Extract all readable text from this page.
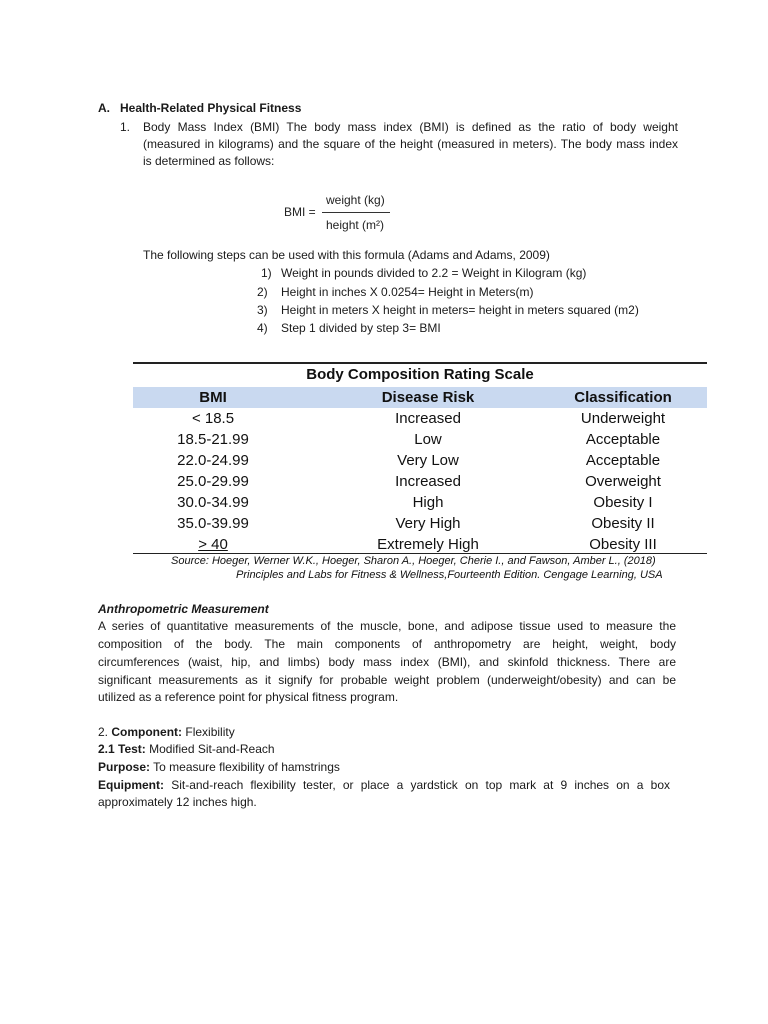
A. Health-Related Physical Fitness
1. Body Mass Index (BMI) The body mass index (BMI) is defined as the ratio of body weight
(measured in kilograms) and the square of the height (measured in meters). The body mass index
is determined as follows:
BMI =
weight (kg)
height (m²)
The following steps can be used with this formula (Adams and Adams, 2009)
1) Weight in pounds divided to 2.2 = Weight in Kilogram (kg)
2) Height in inches X 0.0254= Height in Meters(m)
3) Height in meters X height in meters= height in meters squared (m2)
4) Step 1 divided by step 3= BMI
Body Composition Rating Scale
BMI	Disease Risk	Classification
< 18.5	Increased	Underweight
18.5-21.99	Low	Acceptable
22.0-24.99	Very Low	Acceptable
25.0-29.99	Increased	Overweight
30.0-34.99	High	Obesity I
35.0-39.99	Very High	Obesity II
> 40	Extremely High	Obesity III
Source: Hoeger, Werner W.K., Hoeger, Sharon A., Hoeger, Cherie I., and Fawson, Amber L., (2018)
Principles and Labs for Fitness & Wellness,Fourteenth Edition. Cengage Learning, USA
Anthropometric Measurement
A series of quantitative measurements of the muscle, bone, and adipose tissue used to measure the
composition of the body. The main components of anthropometry are height, weight, body
circumferences (waist, hip, and limbs) body mass index (BMI), and skinfold thickness. There are
significant measurements as it signify for probable weight problem (underweight/obesity) and can be
utilized as a reference point for physical fitness program.
2. Component: Flexibility
2.1 Test: Modified Sit-and-Reach
Purpose: To measure flexibility of hamstrings
Equipment: Sit-and-reach flexibility tester, or place a yardstick on top mark at 9 inches on a box
approximately 12 inches high.
